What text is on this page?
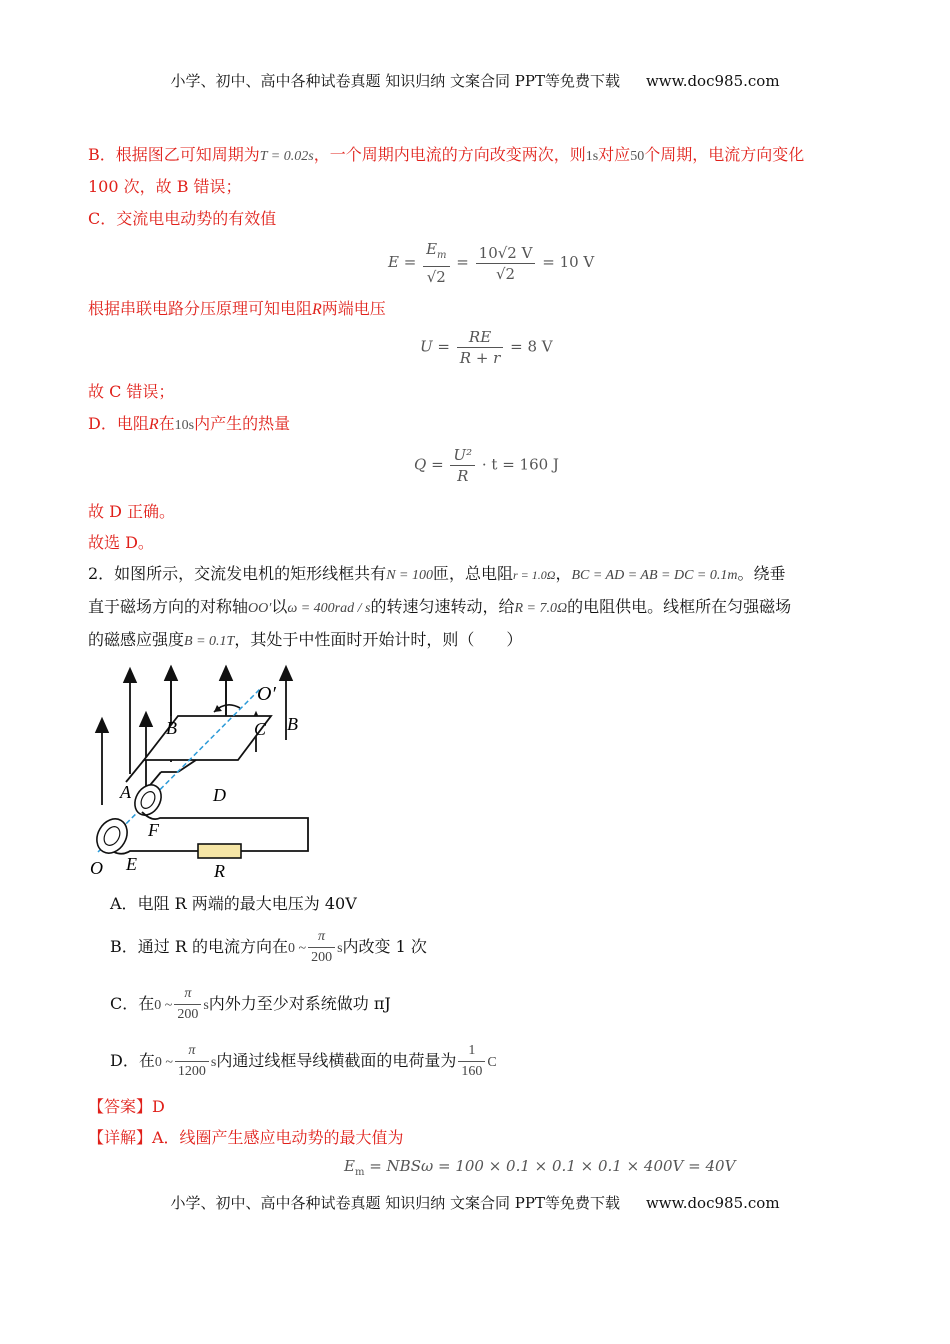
小学、初中、高中各种试卷真题 知识归纳 文案合同 PPT等免费下载 www.doc985.com
B．根据图乙可知周期为T = 0.02s，一个周期内电流的方向改变两次，则1s对应50个周期，电流方向变化
100 次，故 B 错误；
C．交流电电动势的有效值
$E = \frac{E_m}{√2} = \frac{10√2 V}{√2} = 10$ V
根据串联电路分压原理可知电阻R两端电压
$U = \frac{RE}{R + r} = 8$ V
故 C 错误；
D．电阻R在10s内产生的热量
$Q = \frac{\text{U²}}{R} \cdot t = 160$ J
故 D 正确。
故选 D。
2．如图所示，交流发电机的矩形线框共有N = 100匝，总电阻r = 1.0Ω，BC = AD = AB = DC = 0.1m。绕垂
直于磁场方向的对称轴OO′以ω = 400rad / s的转速匀速转动，给R = 7.0Ω的电阻供电。线框所在匀强磁场
的磁感应强度B = 0.1T，其处于中性面时开始计时，则（　　）
O′
B	C B
A	D
F
O E	R
A．电阻 R 两端的最大电压为 40V
B．通过 R 的电流方向在0 ~ $\frac{\pi}{200}$ s内改变 1 次
C．在0 ~ $\frac{\pi}{200}$ s内外力至少对系统做功 πJ
D．在0 ~ $\frac{\pi}{1200}$ s内通过线框导线横截面的电荷量为 $\frac{1}{160}$ C
【答案】D
【详解】A．线圈产生感应电动势的最大值为
$E_m = NBS\omega = 100 \times 0.1 \times 0.1 \times 0.1 \times 400V = 40V$
小学、初中、高中各种试卷真题 知识归纳 文案合同 PPT等免费下载 www.doc985.com
